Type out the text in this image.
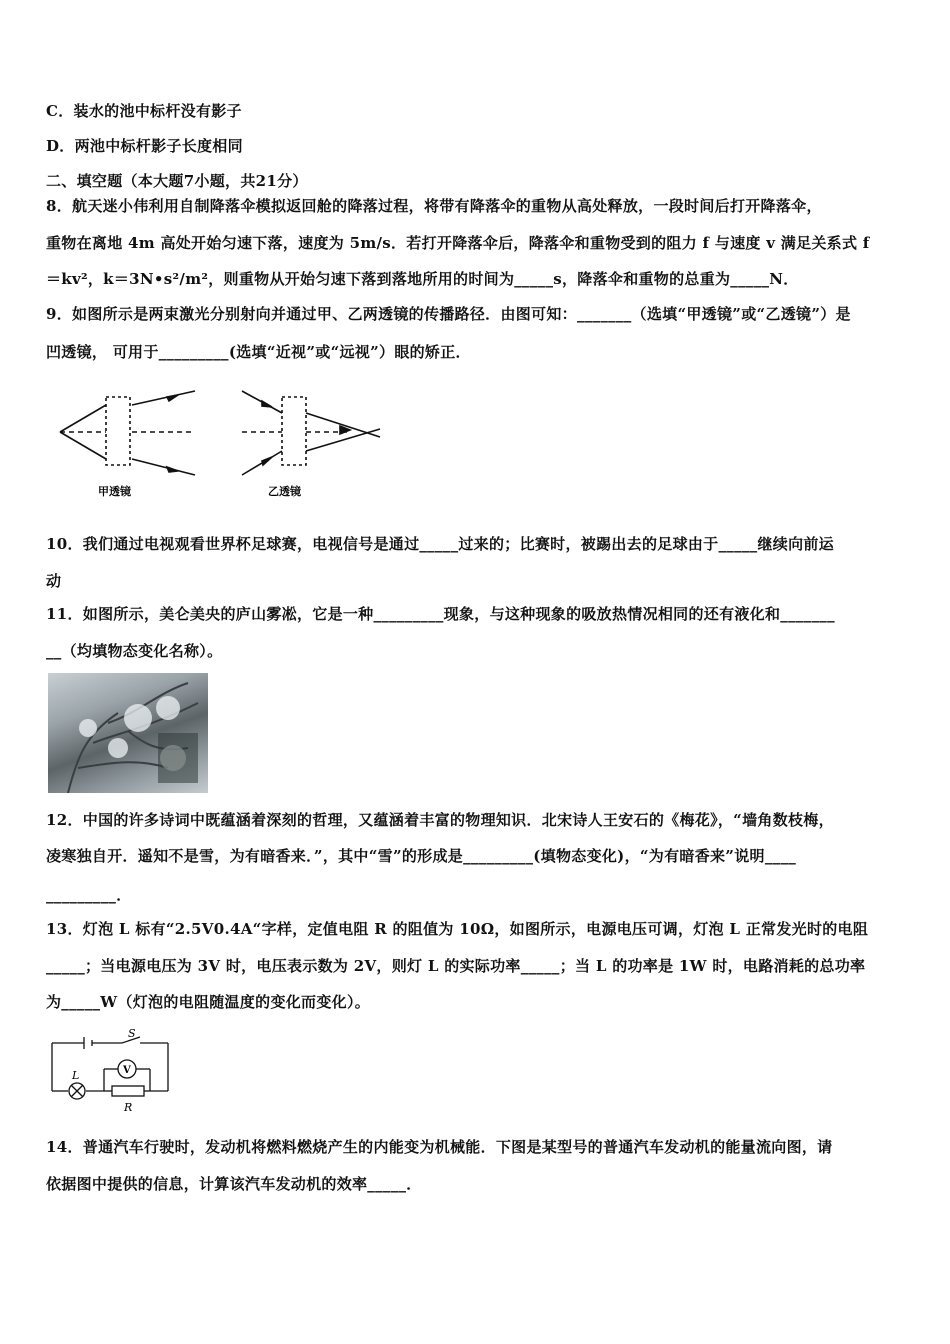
C．装水的池中标杆没有影子
D．两池中标杆影子长度相同
二、填空题（本大题7小题，共21分）
8．航天迷小伟利用自制降落伞模拟返回舱的降落过程，将带有降落伞的重物从高处释放，一段时间后打开降落伞，
重物在离地 4m 高处开始匀速下落，速度为 5m/s．若打开降落伞后，降落伞和重物受到的阻力 f 与速度 v 满足关系式 f
＝kv²，k＝3N•s²/m²，则重物从开始匀速下落到落地所用的时间为_____s，降落伞和重物的总重为_____N．
9．如图所示是两束激光分别射向并通过甲、乙两透镜的传播路径．由图可知：_______（选填“甲透镜”或“乙透镜”）是
凹透镜， 可用于_________(选填“近视”或“远视”）眼的矫正．
甲透镜	乙透镜
10．我们通过电视观看世界杯足球赛，电视信号是通过_____过来的；比赛时，被踢出去的足球由于_____继续向前运
动
11．如图所示，美仑美央的庐山雾凇，它是一种_________现象，与这种现象的吸放热情况相同的还有液化和_______
__（均填物态变化名称）。
12．中国的许多诗词中既蕴涵着深刻的哲理，又蕴涵着丰富的物理知识．北宋诗人王安石的《梅花》，“墙角数枝梅，
凌寒独自开．遥知不是雪，为有暗香来．”，其中“雪”的形成是_________(填物态变化)，“为有暗香来”说明____
_________．
13．灯泡 L 标有“2.5V0.4A“字样，定值电阻 R 的阻值为 10Ω，如图所示，电源电压可调，灯泡 L 正常发光时的电阻
_____；当电源电压为 3V 时，电压表示数为 2V，则灯 L 的实际功率_____；当 L 的功率是 1W 时，电路消耗的总功率
为_____W（灯泡的电阻随温度的变化而变化）。
S
L	V
R
14．普通汽车行驶时，发动机将燃料燃烧产生的内能变为机械能．下图是某型号的普通汽车发动机的能量流向图，请
依据图中提供的信息，计算该汽车发动机的效率_____．
